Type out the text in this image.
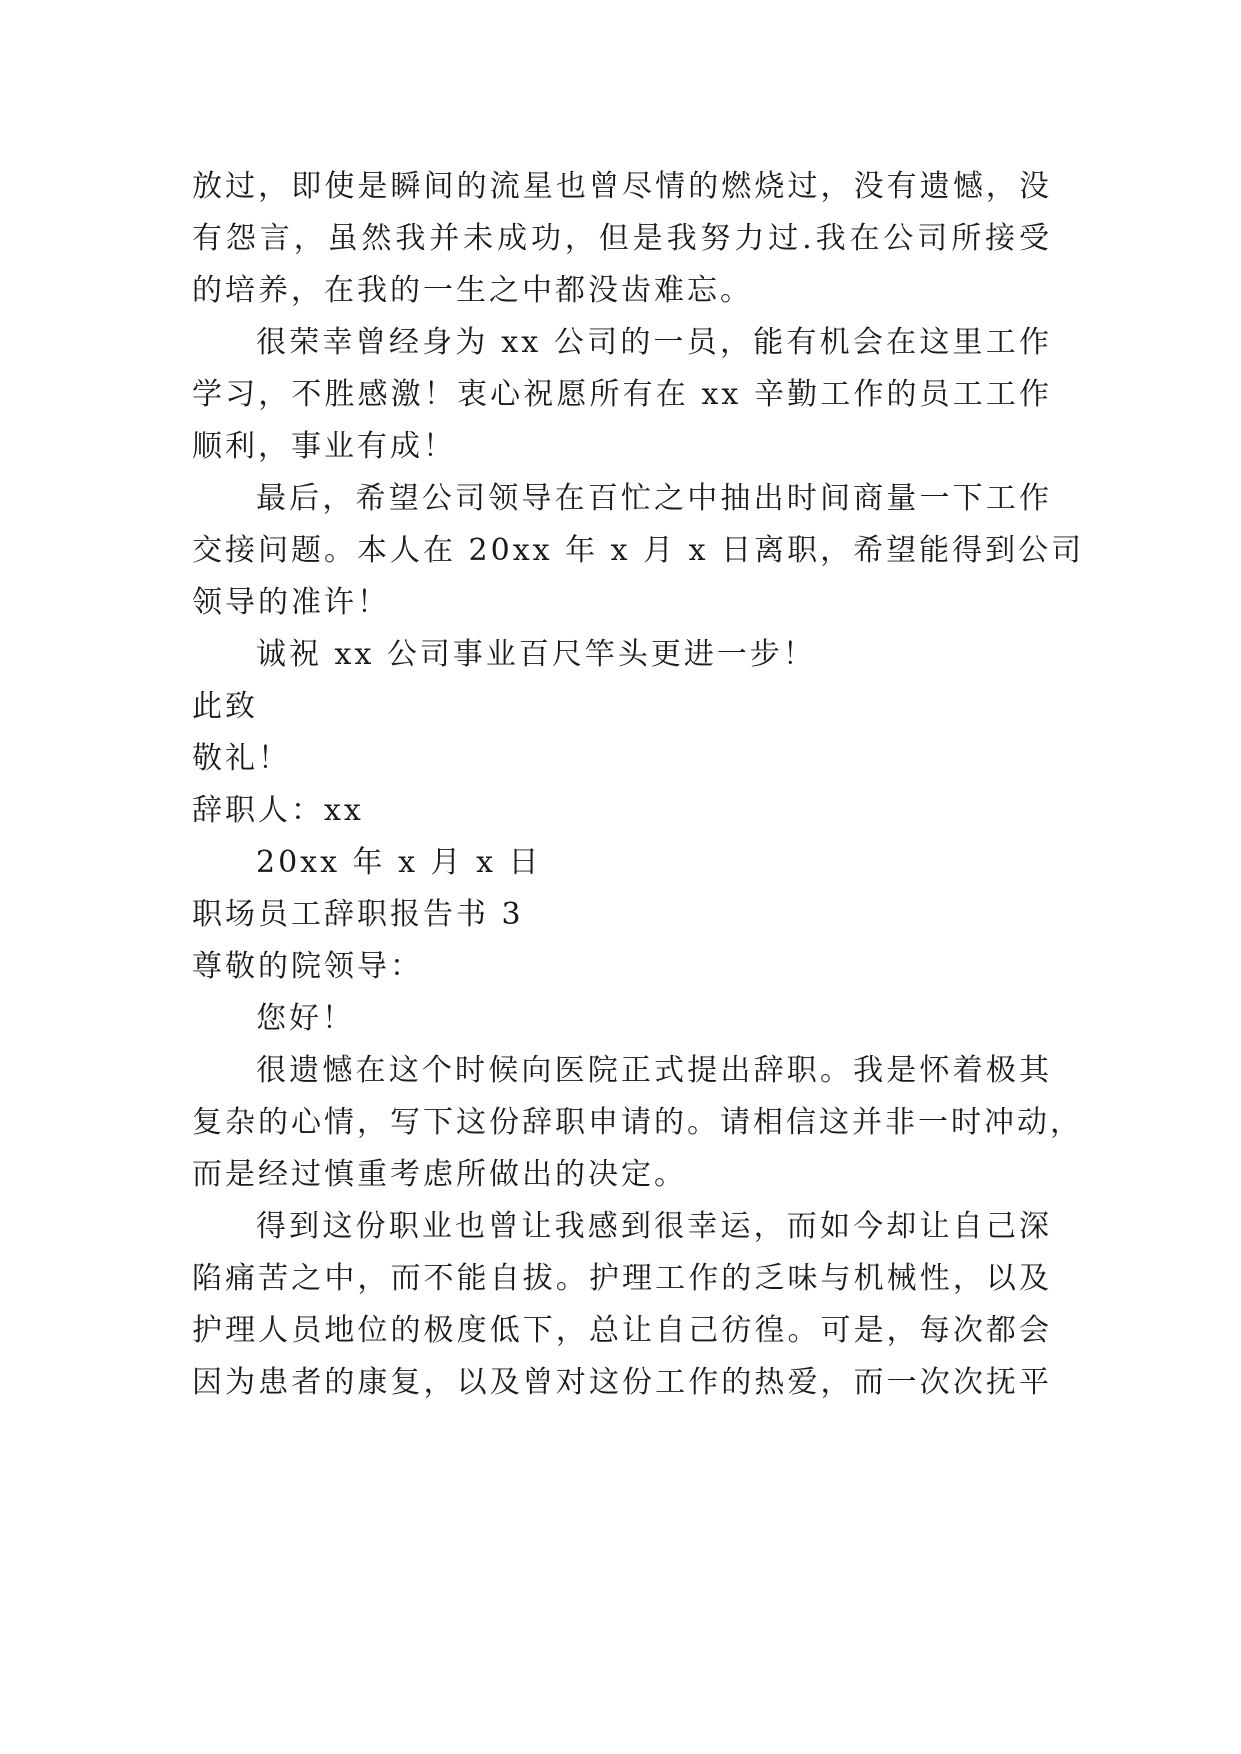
放过，即使是瞬间的流星也曾尽情的燃烧过，没有遗憾，没
有怨言，虽然我并未成功，但是我努力过.我在公司所接受
的培养，在我的一生之中都没齿难忘。
很荣幸曾经身为 xx 公司的一员，能有机会在这里工作
学习，不胜感激！衷心祝愿所有在 xx 辛勤工作的员工工作
顺利，事业有成！
最后，希望公司领导在百忙之中抽出时间商量一下工作
交接问题。本人在 20xx 年 x 月 x 日离职，希望能得到公司
领导的准许！
诚祝 xx 公司事业百尺竿头更进一步！
此致
敬礼！
辞职人：xx
20xx 年 x 月 x 日
职场员工辞职报告书 3
尊敬的院领导：
您好！
很遗憾在这个时候向医院正式提出辞职。我是怀着极其
复杂的心情，写下这份辞职申请的。请相信这并非一时冲动，
而是经过慎重考虑所做出的决定。
得到这份职业也曾让我感到很幸运，而如今却让自己深
陷痛苦之中，而不能自拔。护理工作的乏味与机械性，以及
护理人员地位的极度低下，总让自己彷徨。可是，每次都会
因为患者的康复，以及曾对这份工作的热爱，而一次次抚平
